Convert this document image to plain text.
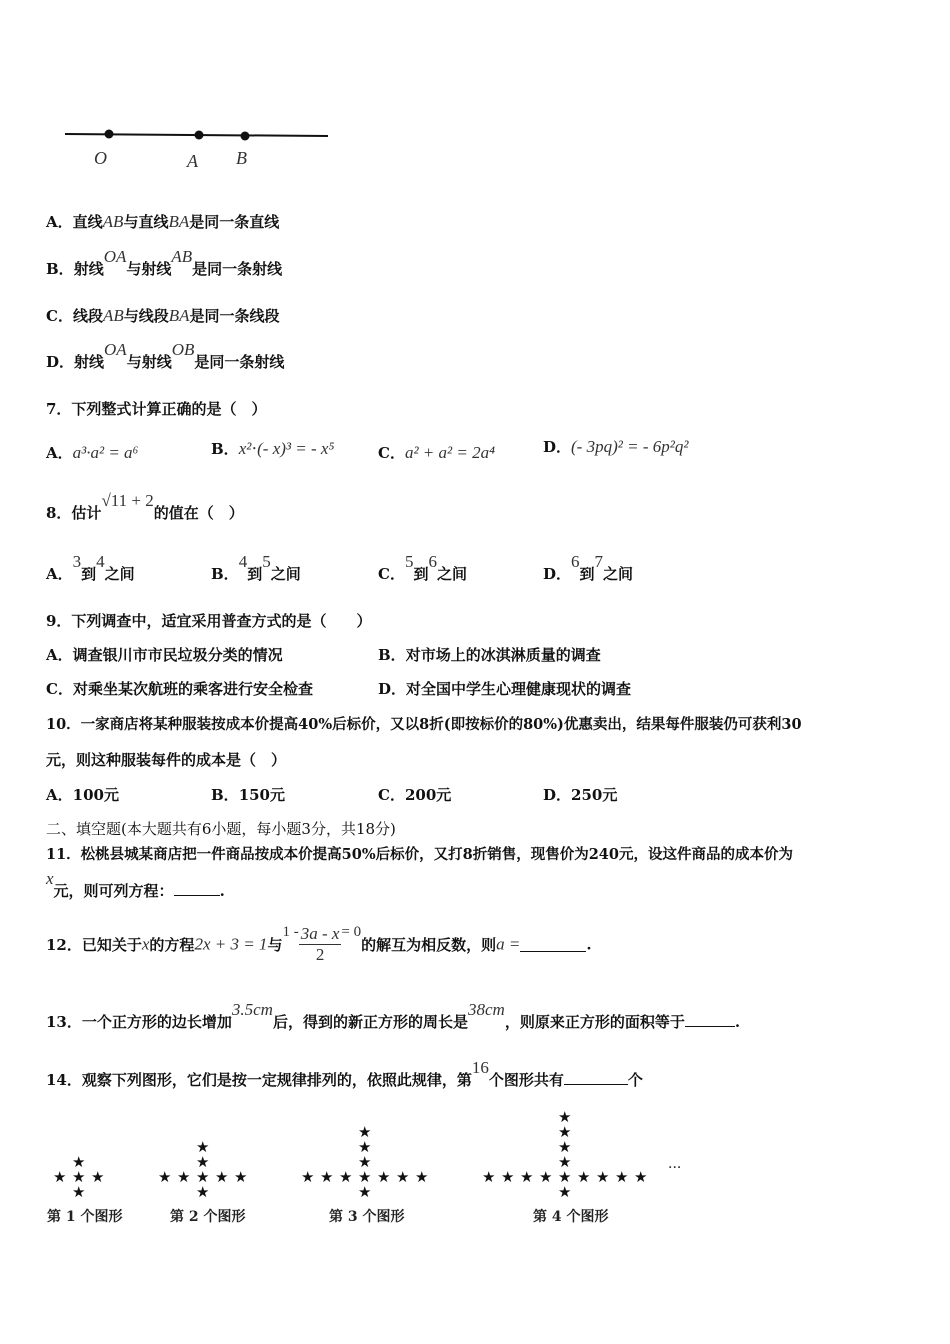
O	A B
A．直线AB与直线BA是同一条直线
B．射线OA与射线AB是同一条射线
C．线段AB与线段BA是同一条线段
D．射线OA与射线OB是同一条射线
7．下列整式计算正确的是（　）
A．a³·a² = a⁶	B．x²⋅(- x)³ = - x⁵	C．a² + a² = 2a⁴	D．(- 3pq)² = - 6p²q²
8．估计√11 + 2的值在（　）
A．3到4之间	B．4到5之间	C．5到6之间	D．6到7之间
9．下列调查中，适宜采用普查方式的是（　　）
A．调查银川市市民垃圾分类的情况	B．对市场上的冰淇淋质量的调查
C．对乘坐某次航班的乘客进行安全检查	D．对全国中学生心理健康现状的调查
10．一家商店将某种服装按成本价提高40%后标价，又以8折(即按标价的80%)优惠卖出，结果每件服装仍可获利30
元，则这种服装每件的成本是（　）
A．100元	B．150元	C．200元	D．250元
二、填空题(本大题共有6小题，每小题3分，共18分)
11．松桃县城某商店把一件商品按成本价提高50%后标价，又打8折销售，现售价为240元，设这件商品的成本价为
x元，则可列方程：	.
12．已知关于x的方程2x + 3 = 1与$1 - \frac{3a - x}{2} = 0$的解互为相反数，则a =	.
13．一个正方形的边长增加3.5cm后，得到的新正方形的周长是38cm，则原来正方形的面积等于	.
14．观察下列图形，它们是按一定规律排列的，依照此规律，第16个图形共有	个
★
★
★
★ ★	★
★
★
★ ★
★
★	★	★
★
★
★ ★
★
★	★
★
★	★	★
★
★
★ ★
★
★	★
★
★	★
★
★	★
第 1 个图形	第 2 个图形	第 3 个图形	第 4 个图形
···
